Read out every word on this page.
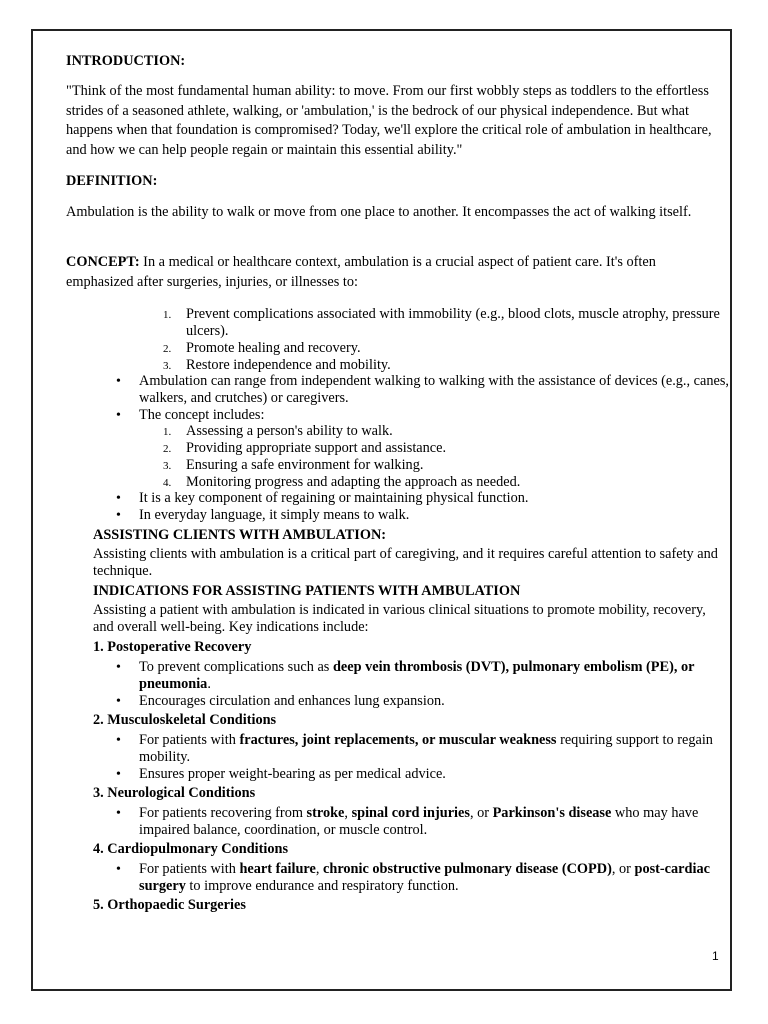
INTRODUCTION:

"Think of the most fundamental human ability: to move. From our first wobbly steps as toddlers to the effortless strides of a seasoned athlete, walking, or 'ambulation,' is the bedrock of our physical independence. But what happens when that foundation is compromised? Today, we'll explore the critical role of ambulation in healthcare, and how we can help people regain or maintain this essential ability."

DEFINITION:

Ambulation is the ability to walk or move from one place to another. It encompasses the act of walking itself.

CONCEPT: In a medical or healthcare context, ambulation is a crucial aspect of patient care. It's often emphasized after surgeries, injuries, or illnesses to:

1. Prevent complications associated with immobility (e.g., blood clots, muscle atrophy, pressure ulcers).
2. Promote healing and recovery.
3. Restore independence and mobility.
• Ambulation can range from independent walking to walking with the assistance of devices (e.g., canes, walkers, and crutches) or caregivers.
• The concept includes:
1. Assessing a person's ability to walk.
2. Providing appropriate support and assistance.
3. Ensuring a safe environment for walking.
4. Monitoring progress and adapting the approach as needed.
• It is a key component of regaining or maintaining physical function.
• In everyday language, it simply means to walk.

ASSISTING CLIENTS WITH AMBULATION:

Assisting clients with ambulation is a critical part of caregiving, and it requires careful attention to safety and technique.

INDICATIONS FOR ASSISTING PATIENTS WITH AMBULATION

Assisting a patient with ambulation is indicated in various clinical situations to promote mobility, recovery, and overall well-being. Key indications include:

1. Postoperative Recovery

• To prevent complications such as deep vein thrombosis (DVT), pulmonary embolism (PE), or pneumonia.
• Encourages circulation and enhances lung expansion.

2. Musculoskeletal Conditions

• For patients with fractures, joint replacements, or muscular weakness requiring support to regain mobility.
• Ensures proper weight-bearing as per medical advice.

3. Neurological Conditions

• For patients recovering from stroke, spinal cord injuries, or Parkinson's disease who may have impaired balance, coordination, or muscle control.

4. Cardiopulmonary Conditions

• For patients with heart failure, chronic obstructive pulmonary disease (COPD), or post-cardiac surgery to improve endurance and respiratory function.

5. Orthopaedic Surgeries

1
